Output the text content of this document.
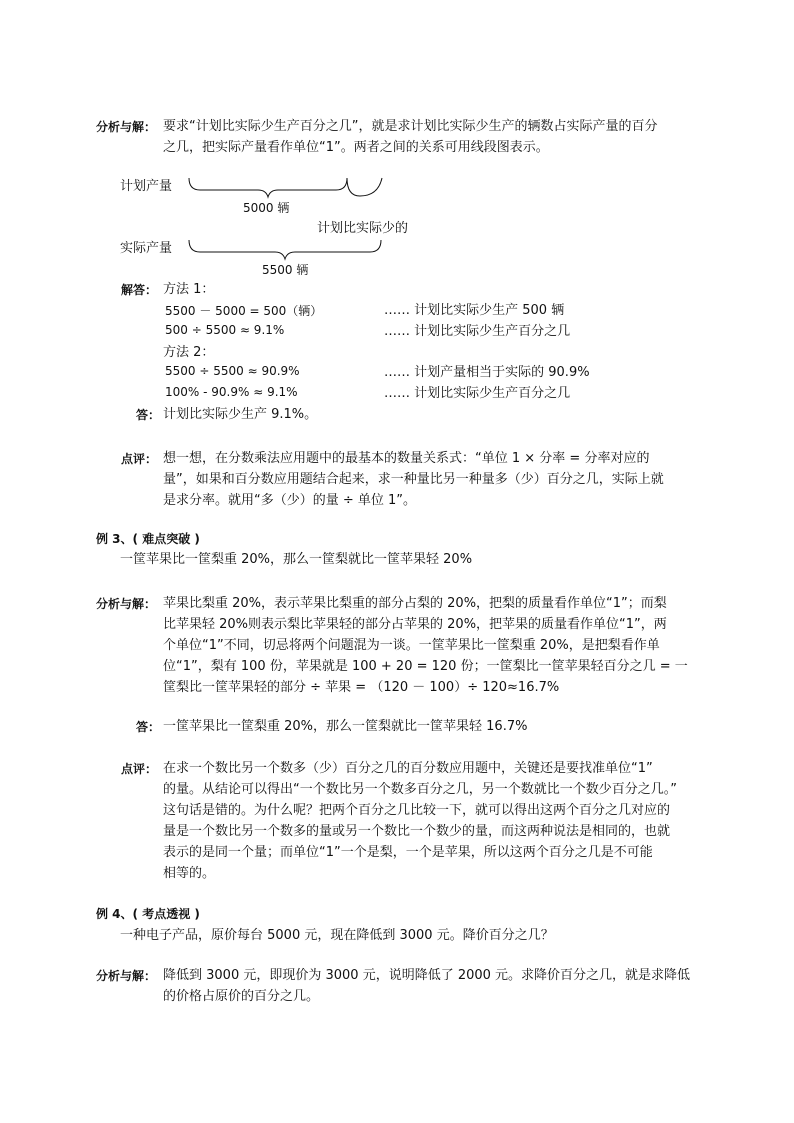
分析与解： 要求“计划比实际少生产百分之几”，就是求计划比实际少生产的辆数占实际产量的百分
之几，把实际产量看作单位“1”。两者之间的关系可用线段图表示。
计划产量
5000 辆
计划比实际少的
实际产量
5500 辆
解答： 方法 1：
5500 － 5000 = 500（辆）	…… 计划比实际少生产 500 辆
500 ÷ 5500 ≈ 9.1%	…… 计划比实际少生产百分之几
方法 2：
5500 ÷ 5500 ≈ 90.9%	…… 计划产量相当于实际的 90.9%
100% - 90.9% ≈ 9.1%	…… 计划比实际少生产百分之几
答： 计划比实际少生产 9.1%。
点评： 想一想，在分数乘法应用题中的最基本的数量关系式：“单位 1 × 分率 = 分率对应的
量”，如果和百分数应用题结合起来，求一种量比另一种量多（少）百分之几，实际上就
是求分率。就用“多（少）的量 ÷ 单位 1”。
例 3、( 难点突破 )
一筐苹果比一筐梨重 20%，那么一筐梨就比一筐苹果轻 20%
分析与解： 苹果比梨重 20%，表示苹果比梨重的部分占梨的 20%，把梨的质量看作单位“1”；而梨
比苹果轻 20%则表示梨比苹果轻的部分占苹果的 20%，把苹果的质量看作单位“1”，两
个单位“1”不同，切忌将两个问题混为一谈。一筐苹果比一筐梨重 20%，是把梨看作单
位“1”，梨有 100 份，苹果就是 100 + 20 = 120 份；一筐梨比一筐苹果轻百分之几 = 一
筐梨比一筐苹果轻的部分 ÷ 苹果 = （120 － 100）÷ 120≈16.7%
答： 一筐苹果比一筐梨重 20%，那么一筐梨就比一筐苹果轻 16.7%
点评： 在求一个数比另一个数多（少）百分之几的百分数应用题中，关键还是要找准单位“1”
的量。从结论可以得出“一个数比另一个数多百分之几，另一个数就比一个数少百分之几。”
这句话是错的。为什么呢？把两个百分之几比较一下，就可以得出这两个百分之几对应的
量是一个数比另一个数多的量或另一个数比一个数少的量，而这两种说法是相同的，也就
表示的是同一个量；而单位“1”一个是梨，一个是苹果，所以这两个百分之几是不可能
相等的。
例 4、( 考点透视 )
一种电子产品，原价每台 5000 元，现在降低到 3000 元。降价百分之几？
分析与解： 降低到 3000 元，即现价为 3000 元，说明降低了 2000 元。求降价百分之几，就是求降低
的价格占原价的百分之几。
